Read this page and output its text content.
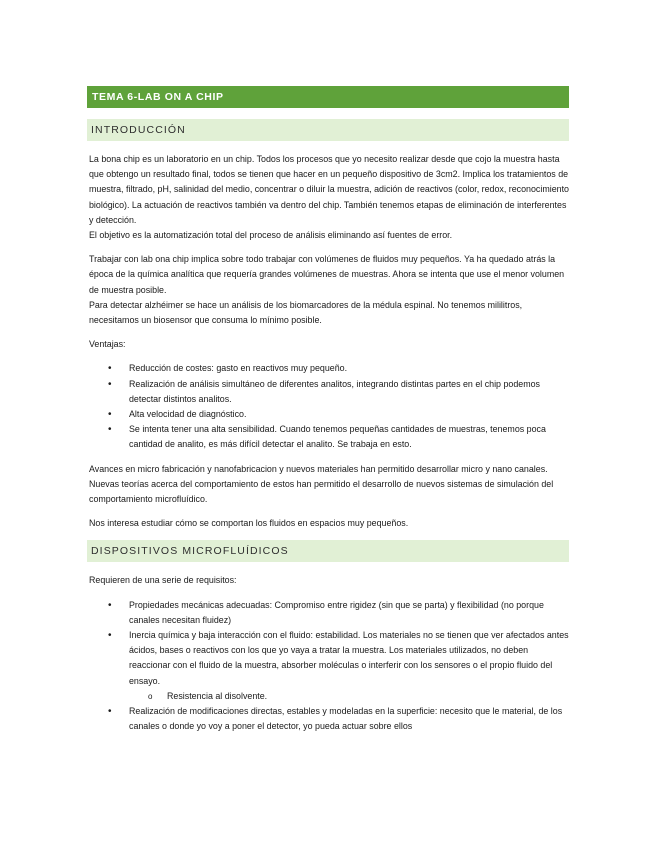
TEMA 6-LAB ON A CHIP
INTRODUCCIÓN

La bona chip es un laboratorio en un chip. Todos los procesos que yo necesito realizar desde que cojo la muestra hasta que obtengo un resultado final, todos se tienen que hacer en un pequeño dispositivo de 3cm2. Implica los tratamientos de muestra, filtrado, pH, salinidad del medio, concentrar o diluir la muestra, adición de reactivos (color, redox, reconocimiento biológico). La actuación de reactivos también va dentro del chip. También tenemos etapas de eliminación de interferentes y detección.

El objetivo es la automatización total del proceso de análisis eliminando así fuentes de error.

Trabajar con lab ona chip implica sobre todo trabajar con volúmenes de fluidos muy pequeños. Ya ha quedado atrás la época de la química analítica que requería grandes volúmenes de muestras. Ahora se intenta que use el menor volumen de muestra posible.

Para detectar alzhéimer se hace un análisis de los biomarcadores de la médula espinal. No tenemos mililitros, necesitamos un biosensor que consuma lo mínimo posible.

Ventajas:

• Reducción de costes: gasto en reactivos muy pequeño.
• Realización de análisis simultáneo de diferentes analitos, integrando distintas partes en el chip podemos detectar distintos analitos.
• Alta velocidad de diagnóstico.
• Se intenta tener una alta sensibilidad. Cuando tenemos pequeñas cantidades de muestras, tenemos poca cantidad de analito, es más difícil detectar el analito. Se trabaja en esto.

Avances en micro fabricación y nanofabricacion y nuevos materiales han permitido desarrollar micro y nano canales. Nuevas teorías acerca del comportamiento de estos han permitido el desarrollo de nuevos sistemas de simulación del comportamiento microfluídico.

Nos interesa estudiar cómo se comportan los fluidos en espacios muy pequeños.

DISPOSITIVOS MICROFLUÍDICOS

Requieren de una serie de requisitos:

• Propiedades mecánicas adecuadas: Compromiso entre rigidez (sin que se parta) y flexibilidad (no porque canales necesitan fluidez)
• Inercia química y baja interacción con el fluido: estabilidad. Los materiales no se tienen que ver afectados antes ácidos, bases o reactivos con los que yo vaya a tratar la muestra. Los materiales utilizados, no deben reaccionar con el fluido de la muestra, absorber moléculas o interferir con los sensores o el propio fluido del ensayo.
o Resistencia al disolvente.
• Realización de modificaciones directas, estables y modeladas en la superficie: necesito que le material, de los canales o donde yo voy a poner el detector, yo pueda actuar sobre ellos
